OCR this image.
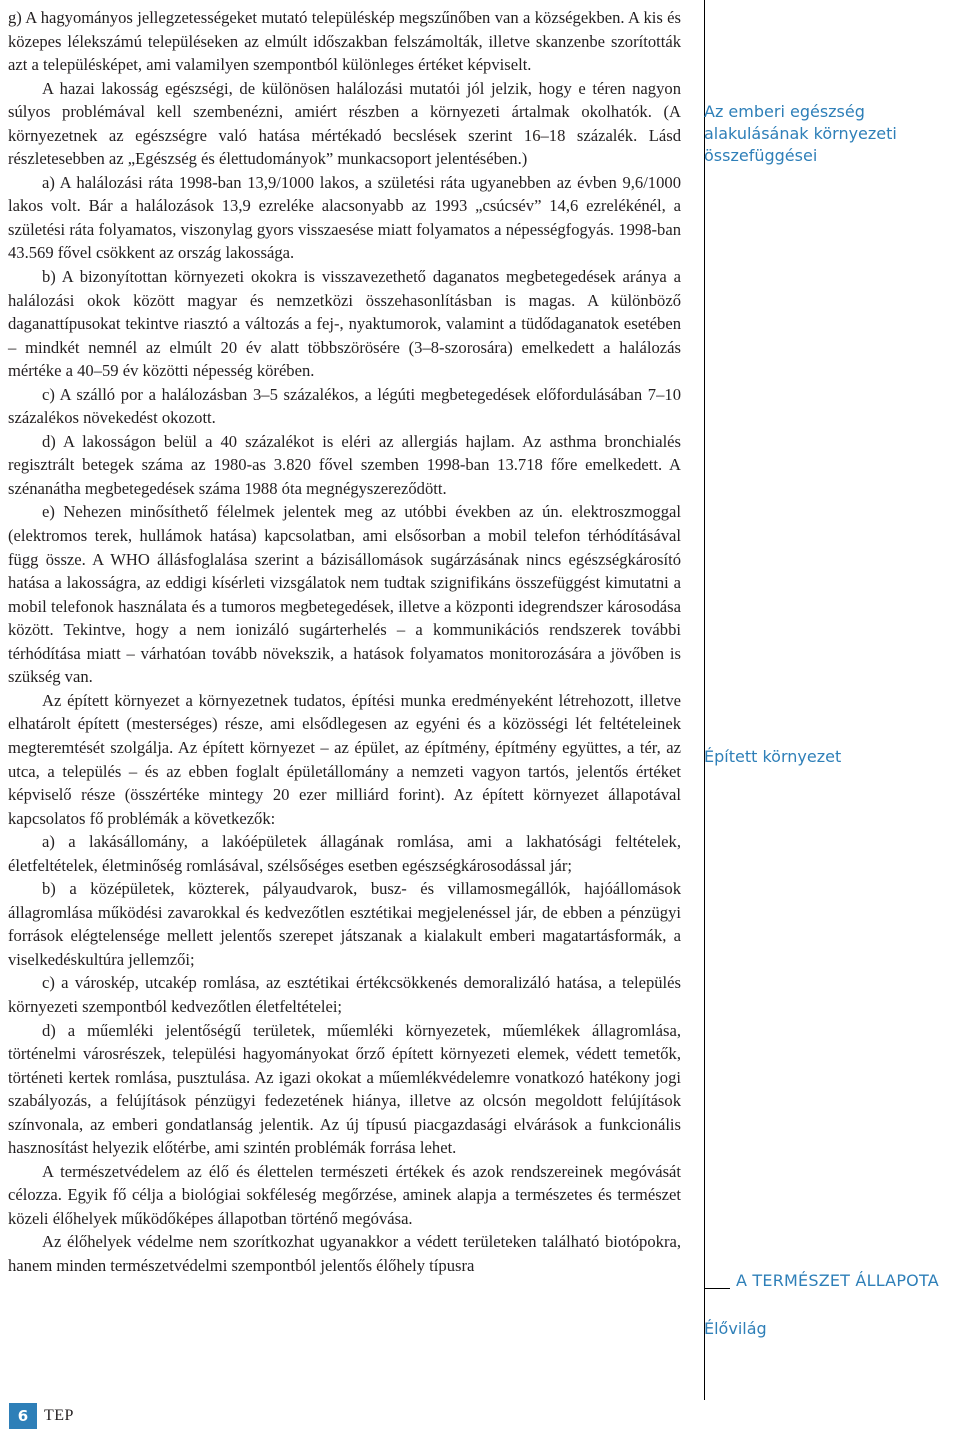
g) A hagyományos jellegzetességeket mutató településkép megszűnőben van a községekben. A kis és közepes lélekszámú településeken az elmúlt időszakban felszámolták, illetve skanzenbe szorították azt a településképet, ami valamilyen szempontból különleges értéket képviselt.

A hazai lakosság egészségi, de különösen halálozási mutatói jól jelzik, hogy e téren nagyon súlyos problémával kell szembenézni, amiért részben a környezeti ártalmak okolhatók. (A környezetnek az egészségre való hatása mértékadó becslések szerint 16–18 százalék. Lásd részletesebben az „Egészség és élettudományok” munkacsoport jelentésében.)

a) A halálozási ráta 1998-ban 13,9/1000 lakos, a születési ráta ugyanebben az évben 9,6/1000 lakos volt. Bár a halálozások 13,9 ezreléke alacsonyabb az 1993 „csúcsév” 14,6 ezrelékénél, a születési ráta folyamatos, viszonylag gyors visszaesése miatt folyamatos a népességfogyás. 1998-ban 43.569 fővel csökkent az ország lakossága.

b) A bizonyítottan környezeti okokra is visszavezethető daganatos megbetegedések aránya a halálozási okok között magyar és nemzetközi összehasonlításban is magas. A különböző daganattípusokat tekintve riasztó a változás a fej-, nyaktumorok, valamint a tüdődaganatok esetében – mindkét nemnél az elmúlt 20 év alatt többszörösére (3–8-szorosára) emelkedett a halálozás mértéke a 40–59 év közötti népesség körében.

c) A szálló por a halálozásban 3–5 százalékos, a légúti megbetegedések előfordulásában 7–10 százalékos növekedést okozott.

d) A lakosságon belül a 40 százalékot is eléri az allergiás hajlam. Az asthma bronchialés regisztrált betegek száma az 1980-as 3.820 fővel szemben 1998-ban 13.718 főre emelkedett. A szénanátha megbetegedések száma 1988 óta megnégyszereződött.

e) Nehezen minősíthető félelmek jelentek meg az utóbbi években az ún. elektroszmoggal (elektromos terek, hullámok hatása) kapcsolatban, ami elsősorban a mobil telefon térhódításával függ össze. A WHO állásfoglalása szerint a bázisállomások sugárzásának nincs egészségkárosító hatása a lakosságra, az eddigi kísérleti vizsgálatok nem tudtak szignifikáns összefüggést kimutatni a mobil telefonok használata és a tumoros megbetegedések, illetve a központi idegrendszer károsodása között. Tekintve, hogy a nem ionizáló sugárterhelés – a kommunikációs rendszerek további térhódítása miatt – várhatóan tovább növekszik, a hatások folyamatos monitorozására a jövőben is szükség van.

Az épített környezet a környezetnek tudatos, építési munka eredményeként létrehozott, illetve elhatárolt épített (mesterséges) része, ami elsődlegesen az egyéni és a közösségi lét feltételeinek megteremtését szolgálja. Az épített környezet – az épület, az építmény, építmény együttes, a tér, az utca, a település – és az ebben foglalt épületállomány a nemzeti vagyon tartós, jelentős értéket képviselő része (összértéke mintegy 20 ezer milliárd forint). Az épített környezet állapotával kapcsolatos fő problémák a következők:

a) a lakásállomány, a lakóépületek állagának romlása, ami a lakhatósági feltételek, életfeltételek, életminőség romlásával, szélsőséges esetben egészségkárosodással jár;

b) a középületek, közterek, pályaudvarok, busz- és villamosmegállók, hajóállomások állagromlása működési zavarokkal és kedvezőtlen esztétikai megjelenéssel jár, de ebben a pénzügyi források elégtelensége mellett jelentős szerepet játszanak a kialakult emberi magatartásformák, a viselkedéskultúra jellemzői;

c) a városkép, utcakép romlása, az esztétikai értékcsökkenés demoralizáló hatása, a település környezeti szempontból kedvezőtlen életfeltételei;

d) a műemléki jelentőségű területek, műemléki környezetek, műemlékek állagromlása, történelmi városrészek, települési hagyományokat őrző épített környezeti elemek, védett temetők, történeti kertek romlása, pusztulása. Az igazi okokat a műemlékvédelemre vonatkozó hatékony jogi szabályozás, a felújítások pénzügyi fedezetének hiánya, illetve az olcsón megoldott felújítások színvonala, az emberi gondatlanság jelentik. Az új típusú piacgazdasági elvárások a funkcionális hasznosítást helyezik előtérbe, ami szintén problémák forrása lehet.

A természetvédelem az élő és élettelen természeti értékek és azok rendszereinek megóvását célozza. Egyik fő célja a biológiai sokféleség megőrzése, aminek alapja a természetes és természet közeli élőhelyek működőképes állapotban történő megóvása.

Az élőhelyek védelme nem szorítkozhat ugyanakkor a védett területeken található biotópokra, hanem minden természetvédelmi szempontból jelentős élőhely típusra

Az emberi egészség alakulásának környezeti összefüggései
Épített környezet
A TERMÉSZET ÁLLAPOTA
Élővilág
6 TEP
